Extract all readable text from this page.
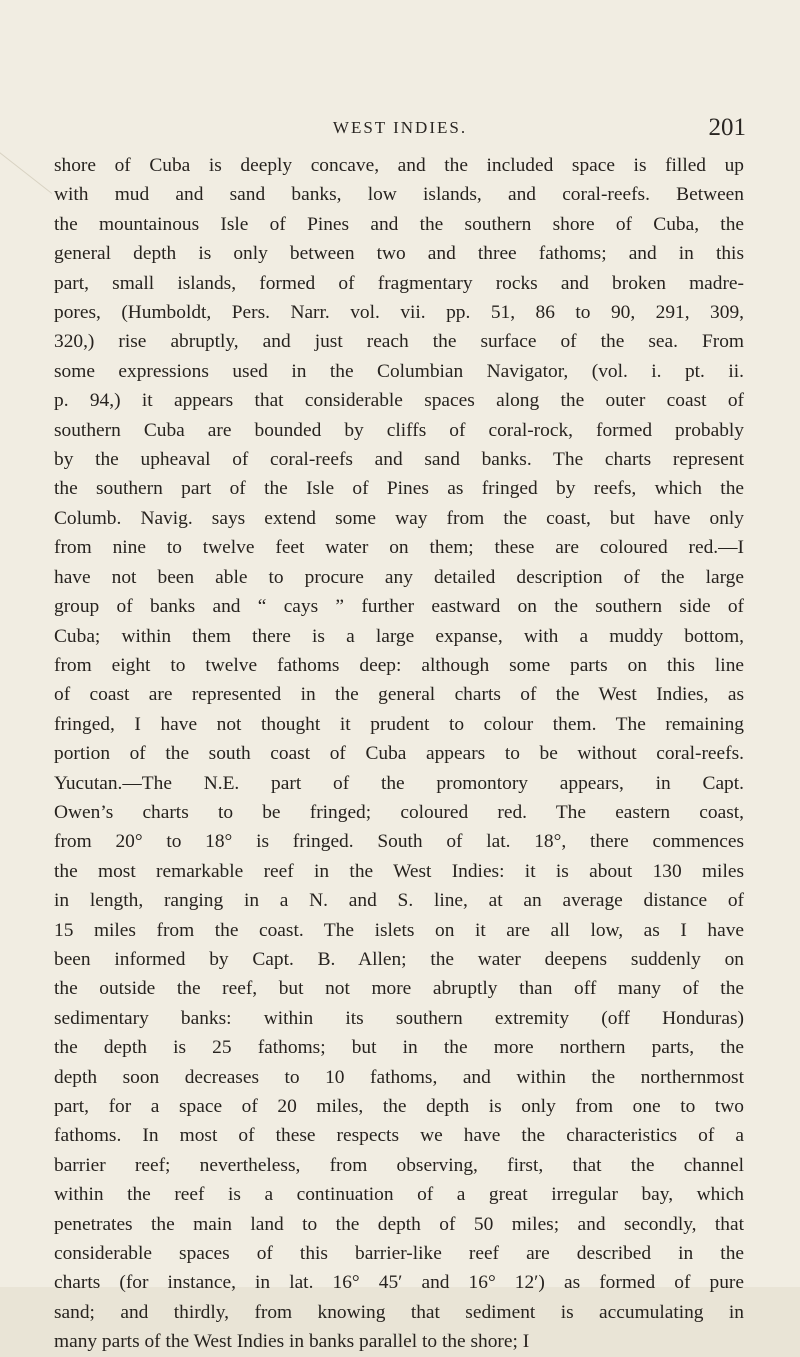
WEST INDIES.	201
shore of Cuba is deeply concave, and the included space is filled up
with mud and sand banks, low islands, and coral-reefs. Between
the mountainous Isle of Pines and the southern shore of Cuba, the
general depth is only between two and three fathoms; and in this
part, small islands, formed of fragmentary rocks and broken madre-
pores, (Humboldt, Pers. Narr. vol. vii. pp. 51, 86 to 90, 291, 309,
320,) rise abruptly, and just reach the surface of the sea. From
some expressions used in the Columbian Navigator, (vol. i. pt. ii.
p. 94,) it appears that considerable spaces along the outer coast of
southern Cuba are bounded by cliffs of coral-rock, formed probably
by the upheaval of coral-reefs and sand banks. The charts represent
the southern part of the Isle of Pines as fringed by reefs, which the
Columb. Navig. says extend some way from the coast, but have only
from nine to twelve feet water on them; these are coloured red.—I
have not been able to procure any detailed description of the large
group of banks and “ cays ” further eastward on the southern side of
Cuba; within them there is a large expanse, with a muddy bottom,
from eight to twelve fathoms deep: although some parts on this line
of coast are represented in the general charts of the West Indies, as
fringed, I have not thought it prudent to colour them. The remaining
portion of the south coast of Cuba appears to be without coral-reefs.
Yucutan.—The N.E. part of the promontory appears, in Capt.
Owen’s charts to be fringed; coloured red. The eastern coast,
from 20° to 18° is fringed. South of lat. 18°, there commences
the most remarkable reef in the West Indies: it is about 130 miles
in length, ranging in a N. and S. line, at an average distance of
15 miles from the coast. The islets on it are all low, as I have
been informed by Capt. B. Allen; the water deepens suddenly on
the outside the reef, but not more abruptly than off many of the
sedimentary banks: within its southern extremity (off Honduras)
the depth is 25 fathoms; but in the more northern parts, the
depth soon decreases to 10 fathoms, and within the northernmost
part, for a space of 20 miles, the depth is only from one to two
fathoms. In most of these respects we have the characteristics of a
barrier reef; nevertheless, from observing, first, that the channel
within the reef is a continuation of a great irregular bay, which
penetrates the main land to the depth of 50 miles; and secondly, that
considerable spaces of this barrier-like reef are described in the
charts (for instance, in lat. 16° 45′ and 16° 12′) as formed of pure
sand; and thirdly, from knowing that sediment is accumulating in
many parts of the West Indies in banks parallel to the shore; I
